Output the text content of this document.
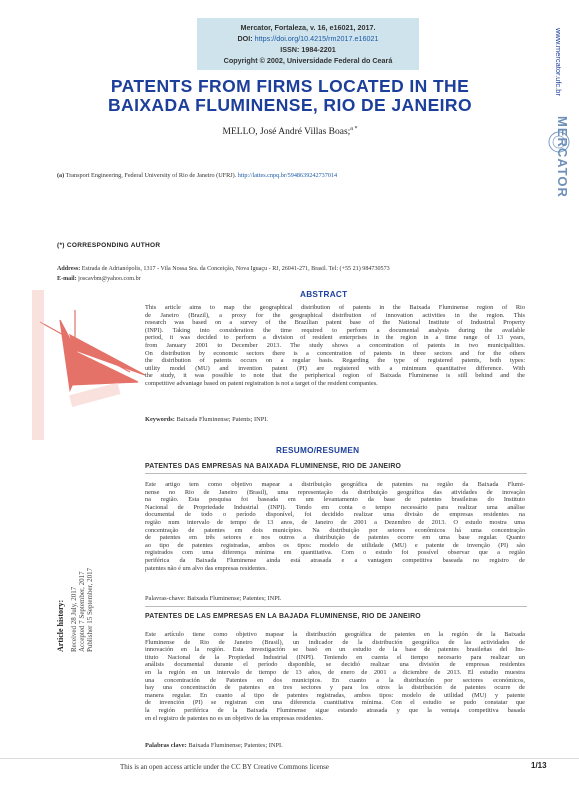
Mercator, Fortaleza, v. 16, e16021, 2017.
DOI: https://doi.org/10.4215/rm2017.e16021
ISSN: 1984-2201
Copyright © 2002, Universidade Federal do Ceará	www.mercator.ufc.br
MERCATOR
PATENTS FROM FIRMS LOCATED IN THE
BAIXADA FLUMINENSE, RIO DE JANEIRO
MELLO, José André Villas Boas;$^{a *}$
(a) Transport Engineering, Federal University of Rio de Janeiro (UFRJ). http://lattes.cnpq.br/5948639242737014
(*) CORRESPONDING AUTHOR
Address: Estrada de Adrianópolis, 1317 - Vila Nossa Sra. da Conceição, Nova Iguaçu - RJ, 26041-271, Brasil. Tel: (+55 21) 984730573
E-mail: joscavbm@yahoo.com.br
ABSTRACT
This article aims to map the geographical distribution of patents in the Baixada Fluminense region of Rio
de Janeiro (Brazil), a proxy for the geographical distribution of innovation activities in the region. This
research was based on a survey of the Brazilian patent base of the National Institute of Industrial Property
(INPI). Taking into consideration the time required to perform a documental analysis during the available
period, it was decided to perform a division of resident enterprises in the region in a time range of 13 years,
from January 2001 to December 2013. The study shows a concentration of patents in two municipalities.
On distribution by economic sectors there is a concentration of patents in three sectors and for the others
the distribution of patents occurs on a regular basis. Regarding the type of registered patents, both types:
utility model (MU) and invention patent (PI) are registered with a minimum quantitative difference. With
the study, it was possible to note that the peripherical region of Baixada Fluminense is still behind and the
competitive advantage based on patent registration is not a target of the resident companies.
Keywords: Baixada Fluminense; Patents; INPI.
RESUMO/RESUMEN
PATENTES DAS EMPRESAS NA BAIXADA FLUMINENSE, RIO DE JANEIRO
Este artigo tem como objetivo mapear a distribuição geográfica de patentes na região da Baixada Flumi-
nense no Rio de Janeiro (Brasil), uma representação da distribuição geográfica das atividades de inovação
na região. Esta pesquisa foi baseada em um levantamento da base de patentes brasileiras do Instituto
Nacional de Propriedade Industrial (INPI). Tendo em conta o tempo necessário para realizar uma análise
documental de todo o período disponível, foi decidido realizar uma divisão de empresas residentes na
região num intervalo de tempo de 13 anos, de Janeiro de 2001 a Dezembro de 2013. O estudo mostra uma
concentração de patentes em dois municípios. Na distribuição por setores econômicos há uma concentração
de patentes em três setores e nos outros a distribuição de patentes ocorre em uma base regular. Quanto
ao tipo de patentes registradas, ambos os tipos: modelo de utilidade (MU) e patente de invenção (PI) são
registrados com uma diferença mínima em quantitativa. Com o estudo foi possível observar que a região
periférica da Baixada Fluminense ainda está atrasada e a vantagem competitiva baseada no registro de
patentes não é um alvo das empresas residentes.
Palavras-chave: Baixada Fluminense; Patentes; INPI.
PATENTES DE LAS EMPRESAS EN LA BAJADA FLUMINENSE, RIO DE JANEIRO
Este artículo tiene como objetivo mapear la distribución geográfica de patentes en la región de la Baixada
Fluminense de Rio de Janeiro (Brasil), un indicador de la distribución geográfica de las actividades de
innovación en la región. Esta investigación se basó en un estudio de la base de patentes brasileñas del Ins-
tituto Nacional de la Propiedad Industrial (INPI). Teniendo en cuenta el tiempo necesario para realizar un
análisis documental durante el período disponible, se decidió realizar una división de empresas residentes
en la región en un intervalo de tiempo de 13 años, de enero de 2001 a diciembre de 2013. El estudio muestra
una concentración de Patentes en dos municipios. En cuanto a la distribución por sectores económicos,
hay una concentración de patentes en tres sectores y para los otros la distribución de patentes ocurre de
manera regular. En cuanto al tipo de patentes registradas, ambos tipos: modelo de utilidad (MU) y patente
de invención (PI) se registran con una diferencia cuantitativa mínima. Con el estudio se pudo constatar que
la región periférica de la Baixada Fluminense sigue estando atrasada y que la ventaja competitiva basada
en el registro de patentes no es un objetivo de las empresas residentes.
Palabras clave: Baixada Fluminense; Patentes; INPI.
Article history: Received 28 July, 2017 Accepted 7 September, 2017 Publisher 15 September, 2017
This is an open access article under the CC BY Creative Commons license	1/13
